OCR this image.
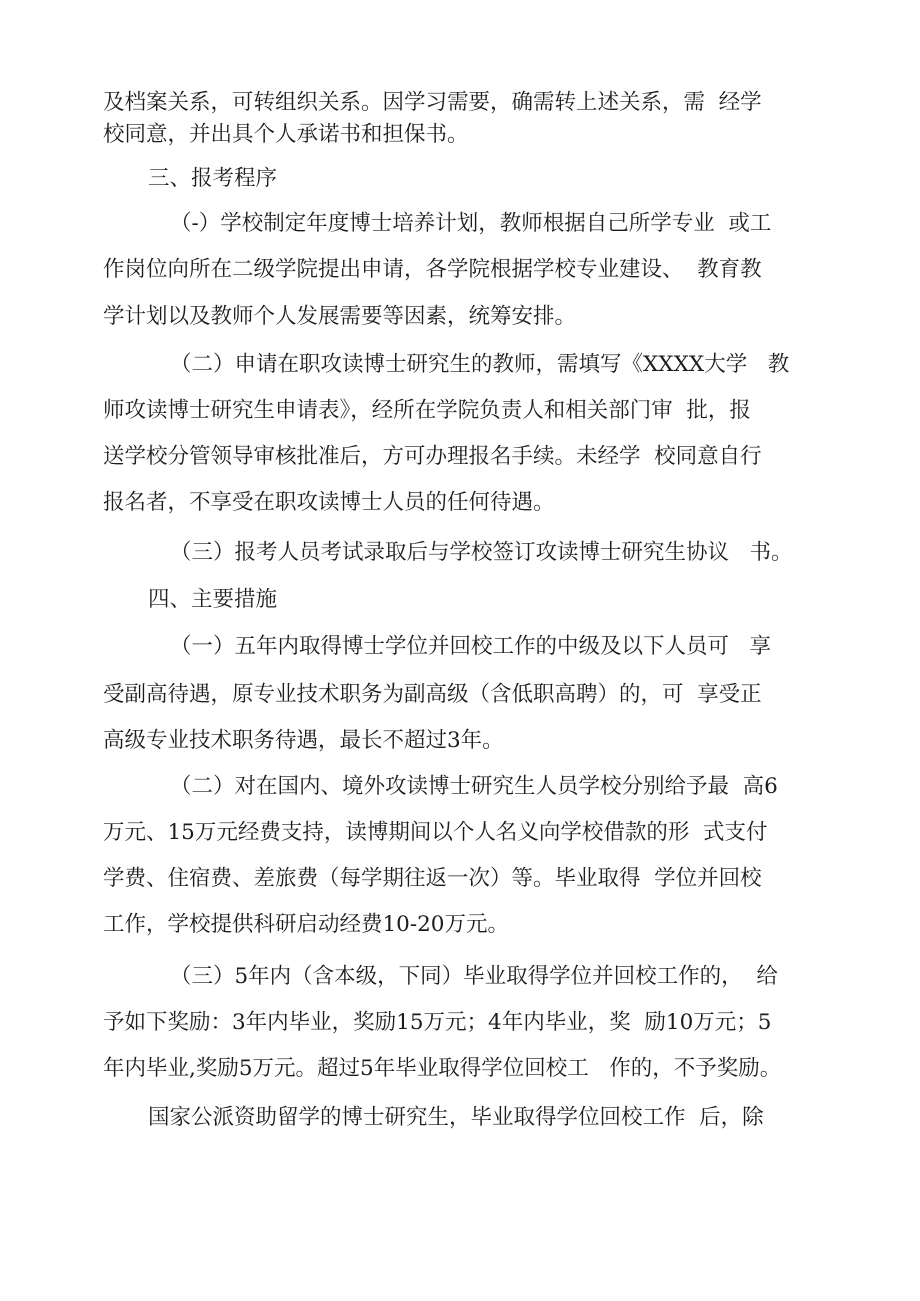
及档案关系，可转组织关系。因学习需要，确需转上述关系，需  经学
校同意，并出具个人承诺书和担保书。
三、报考程序
（-）学校制定年度博士培养计划，教师根据自己所学专业  或工
作岗位向所在二级学院提出申请，各学院根据学校专业建设、  教育教
学计划以及教师个人发展需要等因素，统筹安排。
（二）申请在职攻读博士研究生的教师，需填写《XXXX大学   教
师攻读博士研究生申请表》，经所在学院负责人和相关部门审  批，报
送学校分管领导审核批准后，方可办理报名手续。未经学  校同意自行
报名者，不享受在职攻读博士人员的任何待遇。
（三）报考人员考试录取后与学校签订攻读博士研究生协议   书。
四、主要措施
（一）五年内取得博士学位并回校工作的中级及以下人员可   享
受副高待遇，原专业技术职务为副高级（含低职高聘）的，可  享受正
高级专业技术职务待遇，最长不超过3年。
（二）对在国内、境外攻读博士研究生人员学校分别给予最  高6
万元、15万元经费支持，读博期间以个人名义向学校借款的形  式支付
学费、住宿费、差旅费（每学期往返一次）等。毕业取得  学位并回校
工作，学校提供科研启动经费10-20万元。
（三）5年内（含本级，下同）毕业取得学位并回校工作的，  给
予如下奖励：3年内毕业，奖励15万元；4年内毕业，奖  励10万元；5
年内毕业,奖励5万元。超过5年毕业取得学位回校工   作的，不予奖励。
国家公派资助留学的博士研究生，毕业取得学位回校工作  后，除
